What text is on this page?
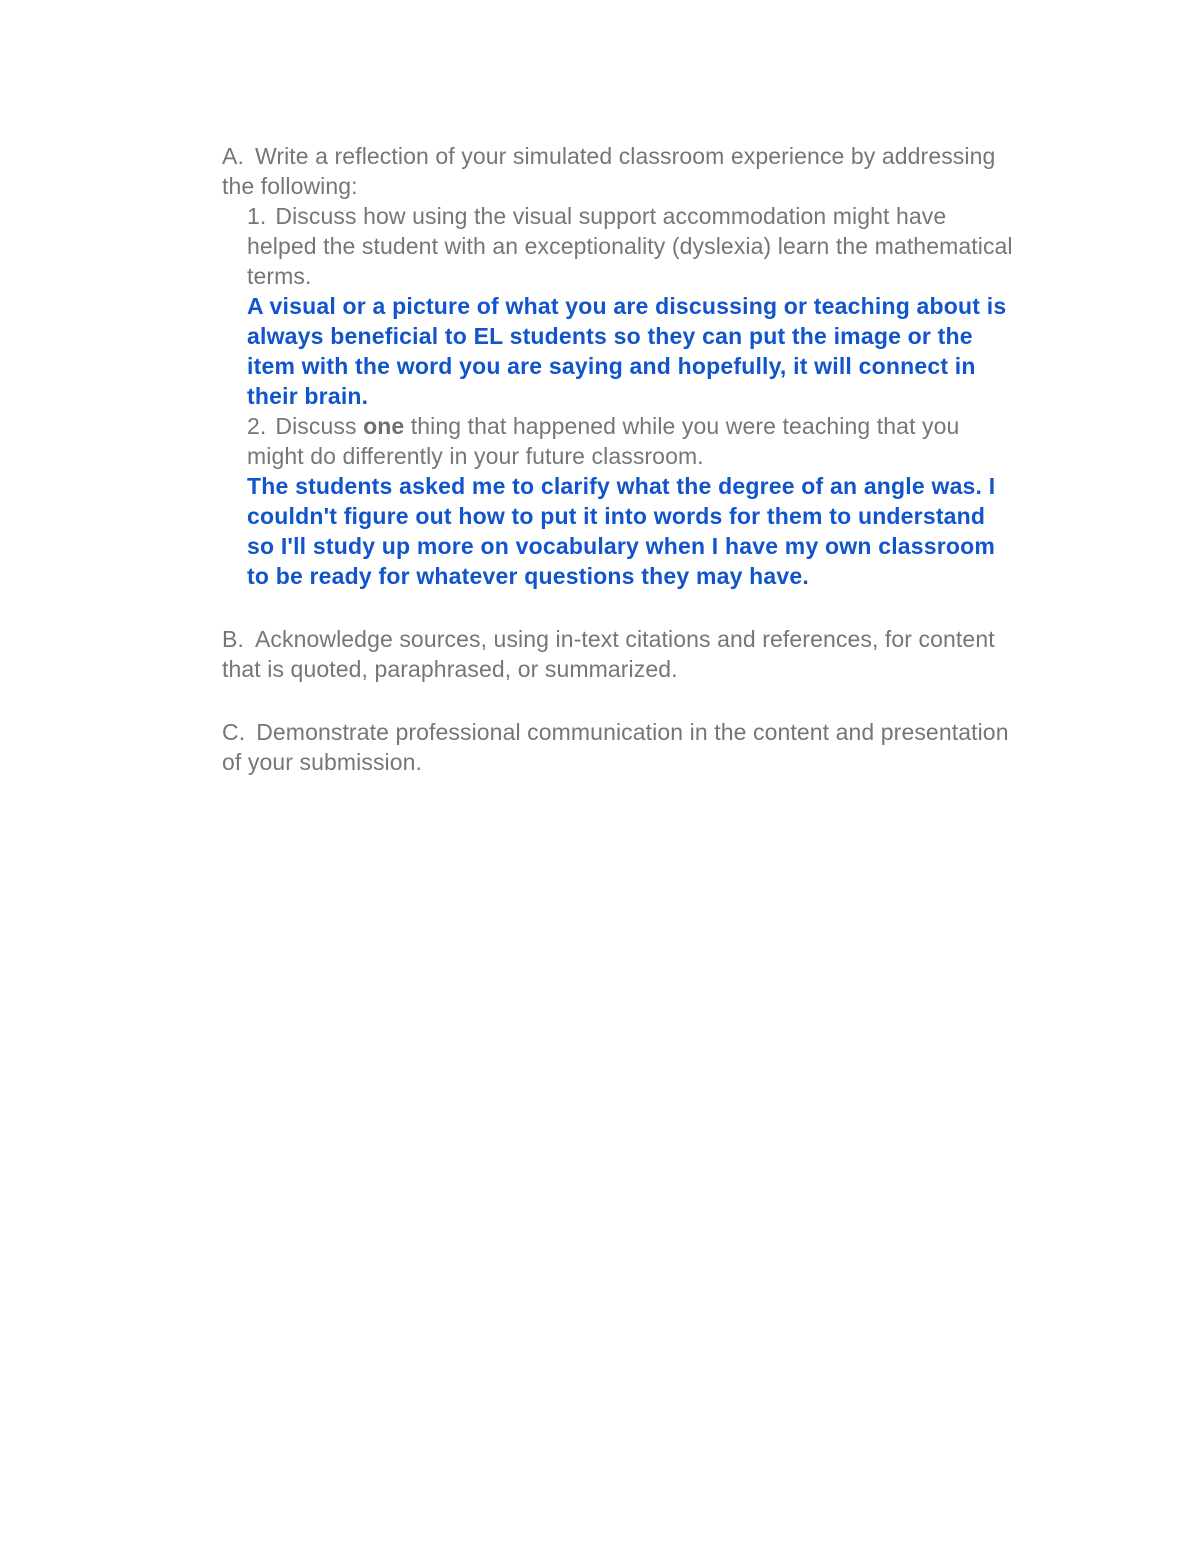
A. Write a reflection of your simulated classroom experience by addressing the following:

1. Discuss how using the visual support accommodation might have helped the student with an exceptionality (dyslexia) learn the mathematical terms.

A visual or a picture of what you are discussing or teaching about is always beneficial to EL students so they can put the image or the item with the word you are saying and hopefully, it will connect in their brain.

2. Discuss one thing that happened while you were teaching that you might do differently in your future classroom.

The students asked me to clarify what the degree of an angle was. I couldn't figure out how to put it into words for them to understand so I'll study up more on vocabulary when I have my own classroom to be ready for whatever questions they may have.

B. Acknowledge sources, using in-text citations and references, for content that is quoted, paraphrased, or summarized.

C. Demonstrate professional communication in the content and presentation of your submission.
